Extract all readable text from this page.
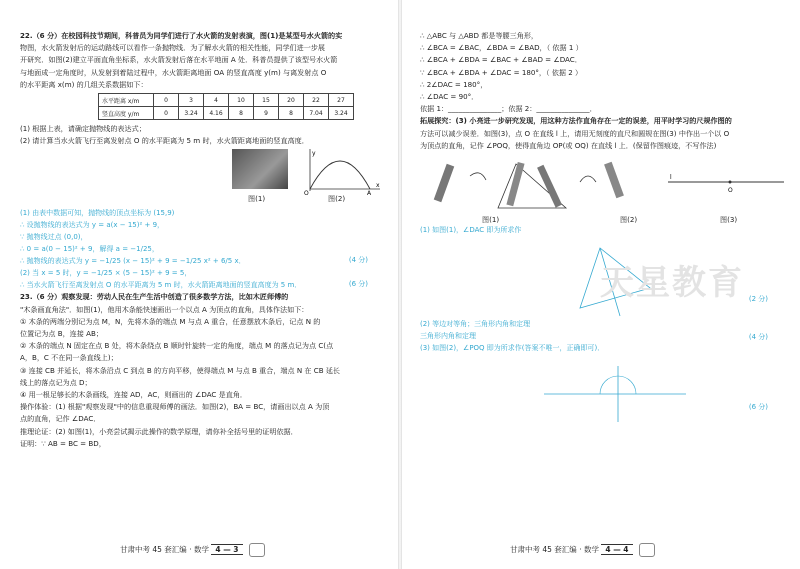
22.（6 分）在校园科技节期间，科普员为同学们进行了水火箭的发射表演，图(1)是某型号水火箭的实

物图，水火箭发射后的运动路线可以看作一条抛物线．为了解水火箭的相关性能，同学们进一步展

开研究．如图(2)建立平面直角坐标系，水火箭发射后落在水平地面 A 处．科普员提供了该型号水火箭

与地面成一定角度时，从发射到着陆过程中，水火箭距离地面 OA 的竖直高度 y(m) 与离发射点 O

的水平距离 x(m) 的几组关系数据如下：

水平距离 x/m	0	3	4	10	15	20	22	27
竖直高度 y/m	0	3.24	4.16	8	9	8	7.04	3.24

(1) 根据上表，请确定抛物线的表达式；

(2) 请计算当水火箭飞行至离发射点 O 的水平距离为 5 m 时，水火箭距离地面的竖直高度．

y
x
O	A
图(1)	图(2)

(1) 由表中数据可知，抛物线的顶点坐标为 (15,9)

∴ 设抛物线的表达式为 y = a(x − 15)² + 9，

∵ 抛物线过点 (0,0)，

∴ 0 = a(0 − 15)² + 9，解得 a = −1/25，

∴ 抛物线的表达式为 y = −1/25 (x − 15)² + 9 = −1/25 x² + 6/5 x．	(4 分)

(2) 当 x = 5 时，y = −1/25 × (5 − 15)² + 9 = 5，

∴ 当水火箭飞行至离发射点 O 的水平距离为 5 m 时，水火箭距离地面的竖直高度为 5 m．	(6 分)

23.（6 分）观察发现：劳动人民在生产生活中创造了很多数学方法，比如木匠师傅的

"木条画直角法"．如图(1)，他用木条能快速画出一个以点 A 为顶点的直角，具体作法如下：

① 木条的两端分别记为点 M，N，先将木条的端点 M 与点 A 重合，任意摆放木条后，记点 N 的

位置记为点 B，连接 AB；

② 木条的端点 N 固定在点 B 处，将木条绕点 B 顺时针旋转一定的角度，端点 M 的落点记为点 C(点

A，B，C 不在同一条直线上)；

③ 连接 CB 并延长，将木条沿点 C 到点 B 的方向平移，使得端点 M 与点 B 重合，端点 N 在 CB 延长

线上的落点记为点 D；

④ 用一根足够长的木条画线，连接 AD，AC，则画出的 ∠DAC 是直角．

操作体验：(1) 根据"观察发现"中的信息重现师傅的画法．如图(2)，BA = BC，请画出以点 A 为顶

点的直角，记作 ∠DAC．

推理论证：(2) 如图(1)，小亮尝试揭示此操作的数学原理，请你补全括号里的证明依据．

证明：∵ AB = BC = BD，

甘肃中考 45 套汇编 · 数学 4 — 3

∴ △ABC 与 △ABD 都是等腰三角形，

∴ ∠BCA = ∠BAC，∠BDA = ∠BAD，（ 依据 1 ）

∴ ∠BCA + ∠BDA = ∠BAC + ∠BAD = ∠DAC．

∵ ∠BCA + ∠BDA + ∠DAC = 180°，（ 依据 2 ）

∴ 2∠DAC = 180°，

∴ ∠DAC = 90°．

依据 1：_______________；依据 2：_______________．

拓展探究：(3) 小亮进一步研究发现，用这种方法作直角存在一定的误差，用平时学习的尺规作图的

方法可以减少误差．如图(3)，点 O 在直线 l 上，请用无刻度的直尺和圆规在图(3) 中作出一个以 O

为顶点的直角，记作 ∠POQ，使得直角边 OP(或 OQ) 在直线 l 上．(保留作图痕迹，不写作法)

l
O
图(1)	图(2)	图(3)

(1) 如图(1)，∠DAC 即为所求作

(2 分)

(2) 等边对等角；三角形内角和定理

三角形内角和定理	(4 分)

(3) 如图(2)，∠POQ 即为所求作(答案不唯一，正确即可)．

(6 分)
甘肃中考 45 套汇编 · 数学 4 — 4
天星教育
